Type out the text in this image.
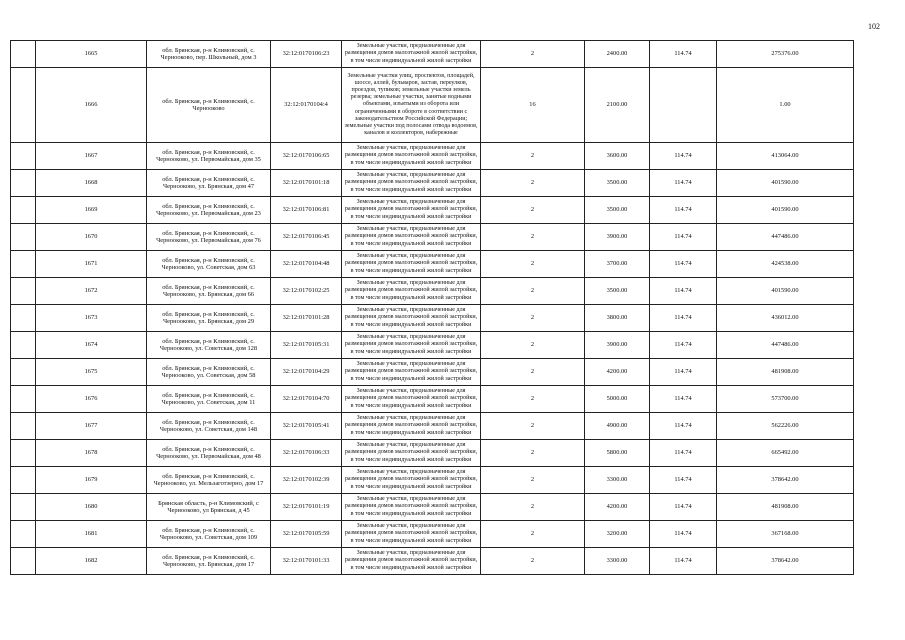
102
	1665	обл. Брянская, р-н Климовский, с. Чернооково, пер. Школьный, дом 3	32:12:0170106:23	Земельные участки, предназначенные для размещения домов малоэтажной жилой застройки, в том числе индивидуальной жилой застройки	2	2400.00	114.74	275376.00
	1666	обл. Брянская, р-н Климовский, с. Чернооково	32:12:0170104:4	Земельные участки улиц, проспектов, площадей, шоссе, аллей, бульваров, застав, переулков, проездов, тупиков; земельные участки земель резерва; земельные участки, занятые водными объектами, изъятыми из оборота или ограниченными в обороте в соответствии с законодательством Российской Федерации; земельные участки под полосами отвода водоемов, каналов и коллекторов, набережные	16	2100.00		1.00
	1667	обл. Брянская, р-н Климовский, с. Чернооково, ул. Первомайская, дом 35	32:12:0170106:65	Земельные участки, предназначенные для размещения домов малоэтажной жилой застройки, в том числе индивидуальной жилой застройки	2	3600.00	114.74	413064.00
	1668	обл. Брянская, р-н Климовский, с. Чернооково, ул. Брянская, дом 47	32:12:0170101:18	Земельные участки, предназначенные для размещения домов малоэтажной жилой застройки, в том числе индивидуальной жилой застройки	2	3500.00	114.74	401590.00
	1669	обл. Брянская, р-н Климовский, с. Чернооково, ул. Первомайская, дом 23	32:12:0170106:81	Земельные участки, предназначенные для размещения домов малоэтажной жилой застройки, в том числе индивидуальной жилой застройки	2	3500.00	114.74	401590.00
	1670	обл. Брянская, р-н Климовский, с. Чернооково, ул. Первомайская, дом 76	32:12:0170106:45	Земельные участки, предназначенные для размещения домов малоэтажной жилой застройки, в том числе индивидуальной жилой застройки	2	3900.00	114.74	447486.00
	1671	обл. Брянская, р-н Климовский, с. Чернооково, ул. Советская, дом 63	32:12:0170104:48	Земельные участки, предназначенные для размещения домов малоэтажной жилой застройки, в том числе индивидуальной жилой застройки	2	3700.00	114.74	424538.00
	1672	обл. Брянская, р-н Климовский, с. Чернооково, ул. Брянская, дом 66	32:12:0170102:25	Земельные участки, предназначенные для размещения домов малоэтажной жилой застройки, в том числе индивидуальной жилой застройки	2	3500.00	114.74	401590.00
	1673	обл. Брянская, р-н Климовский, с. Чернооково, ул. Брянская, дом 29	32:12:0170101:28	Земельные участки, предназначенные для размещения домов малоэтажной жилой застройки, в том числе индивидуальной жилой застройки	2	3800.00	114.74	436012.00
	1674	обл. Брянская, р-н Климовский, с. Чернооково, ул. Советская, дом 128	32:12:0170105:31	Земельные участки, предназначенные для размещения домов малоэтажной жилой застройки, в том числе индивидуальной жилой застройки	2	3900.00	114.74	447486.00
	1675	обл. Брянская, р-н Климовский, с. Чернооково, ул. Советская, дом 58	32:12:0170104:29	Земельные участки, предназначенные для размещения домов малоэтажной жилой застройки, в том числе индивидуальной жилой застройки	2	4200.00	114.74	481908.00
	1676	обл. Брянская, р-н Климовский, с. Чернооково, ул. Советская, дом 11	32:12:0170104:70	Земельные участки, предназначенные для размещения домов малоэтажной жилой застройки, в том числе индивидуальной жилой застройки	2	5000.00	114.74	573700.00
	1677	обл. Брянская, р-н Климовский, с. Чернооково, ул. Советская, дом 148	32:12:0170105:41	Земельные участки, предназначенные для размещения домов малоэтажной жилой застройки, в том числе индивидуальной жилой застройки	2	4900.00	114.74	562226.00
	1678	обл. Брянская, р-н Климовский, с. Чернооково, ул. Первомайская, дом 48	32:12:0170106:33	Земельные участки, предназначенные для размещения домов малоэтажной жилой застройки, в том числе индивидуальной жилой застройки	2	5800.00	114.74	665492.00
	1679	обл. Брянская, р-н Климовский, с. Чернооково, ул. Мельзаготзерно, дом 17	32:12:0170102:39	Земельные участки, предназначенные для размещения домов малоэтажной жилой застройки, в том числе индивидуальной жилой застройки	2	3300.00	114.74	378642.00
	1680	Брянская область, р-н Климовский, с Чернооково, ул Брянская, д 45	32:12:0170101:19	Земельные участки, предназначенные для размещения домов малоэтажной жилой застройки, в том числе индивидуальной жилой застройки	2	4200.00	114.74	481908.00
	1681	обл. Брянская, р-н Климовский, с. Чернооково, ул. Советская, дом 109	32:12:0170105:59	Земельные участки, предназначенные для размещения домов малоэтажной жилой застройки, в том числе индивидуальной жилой застройки	2	3200.00	114.74	367168.00
	1682	обл. Брянская, р-н Климовский, с. Чернооково, ул. Брянская, дом 17	32:12:0170101:33	Земельные участки, предназначенные для размещения домов малоэтажной жилой застройки, в том числе индивидуальной жилой застройки	2	3300.00	114.74	378642.00
